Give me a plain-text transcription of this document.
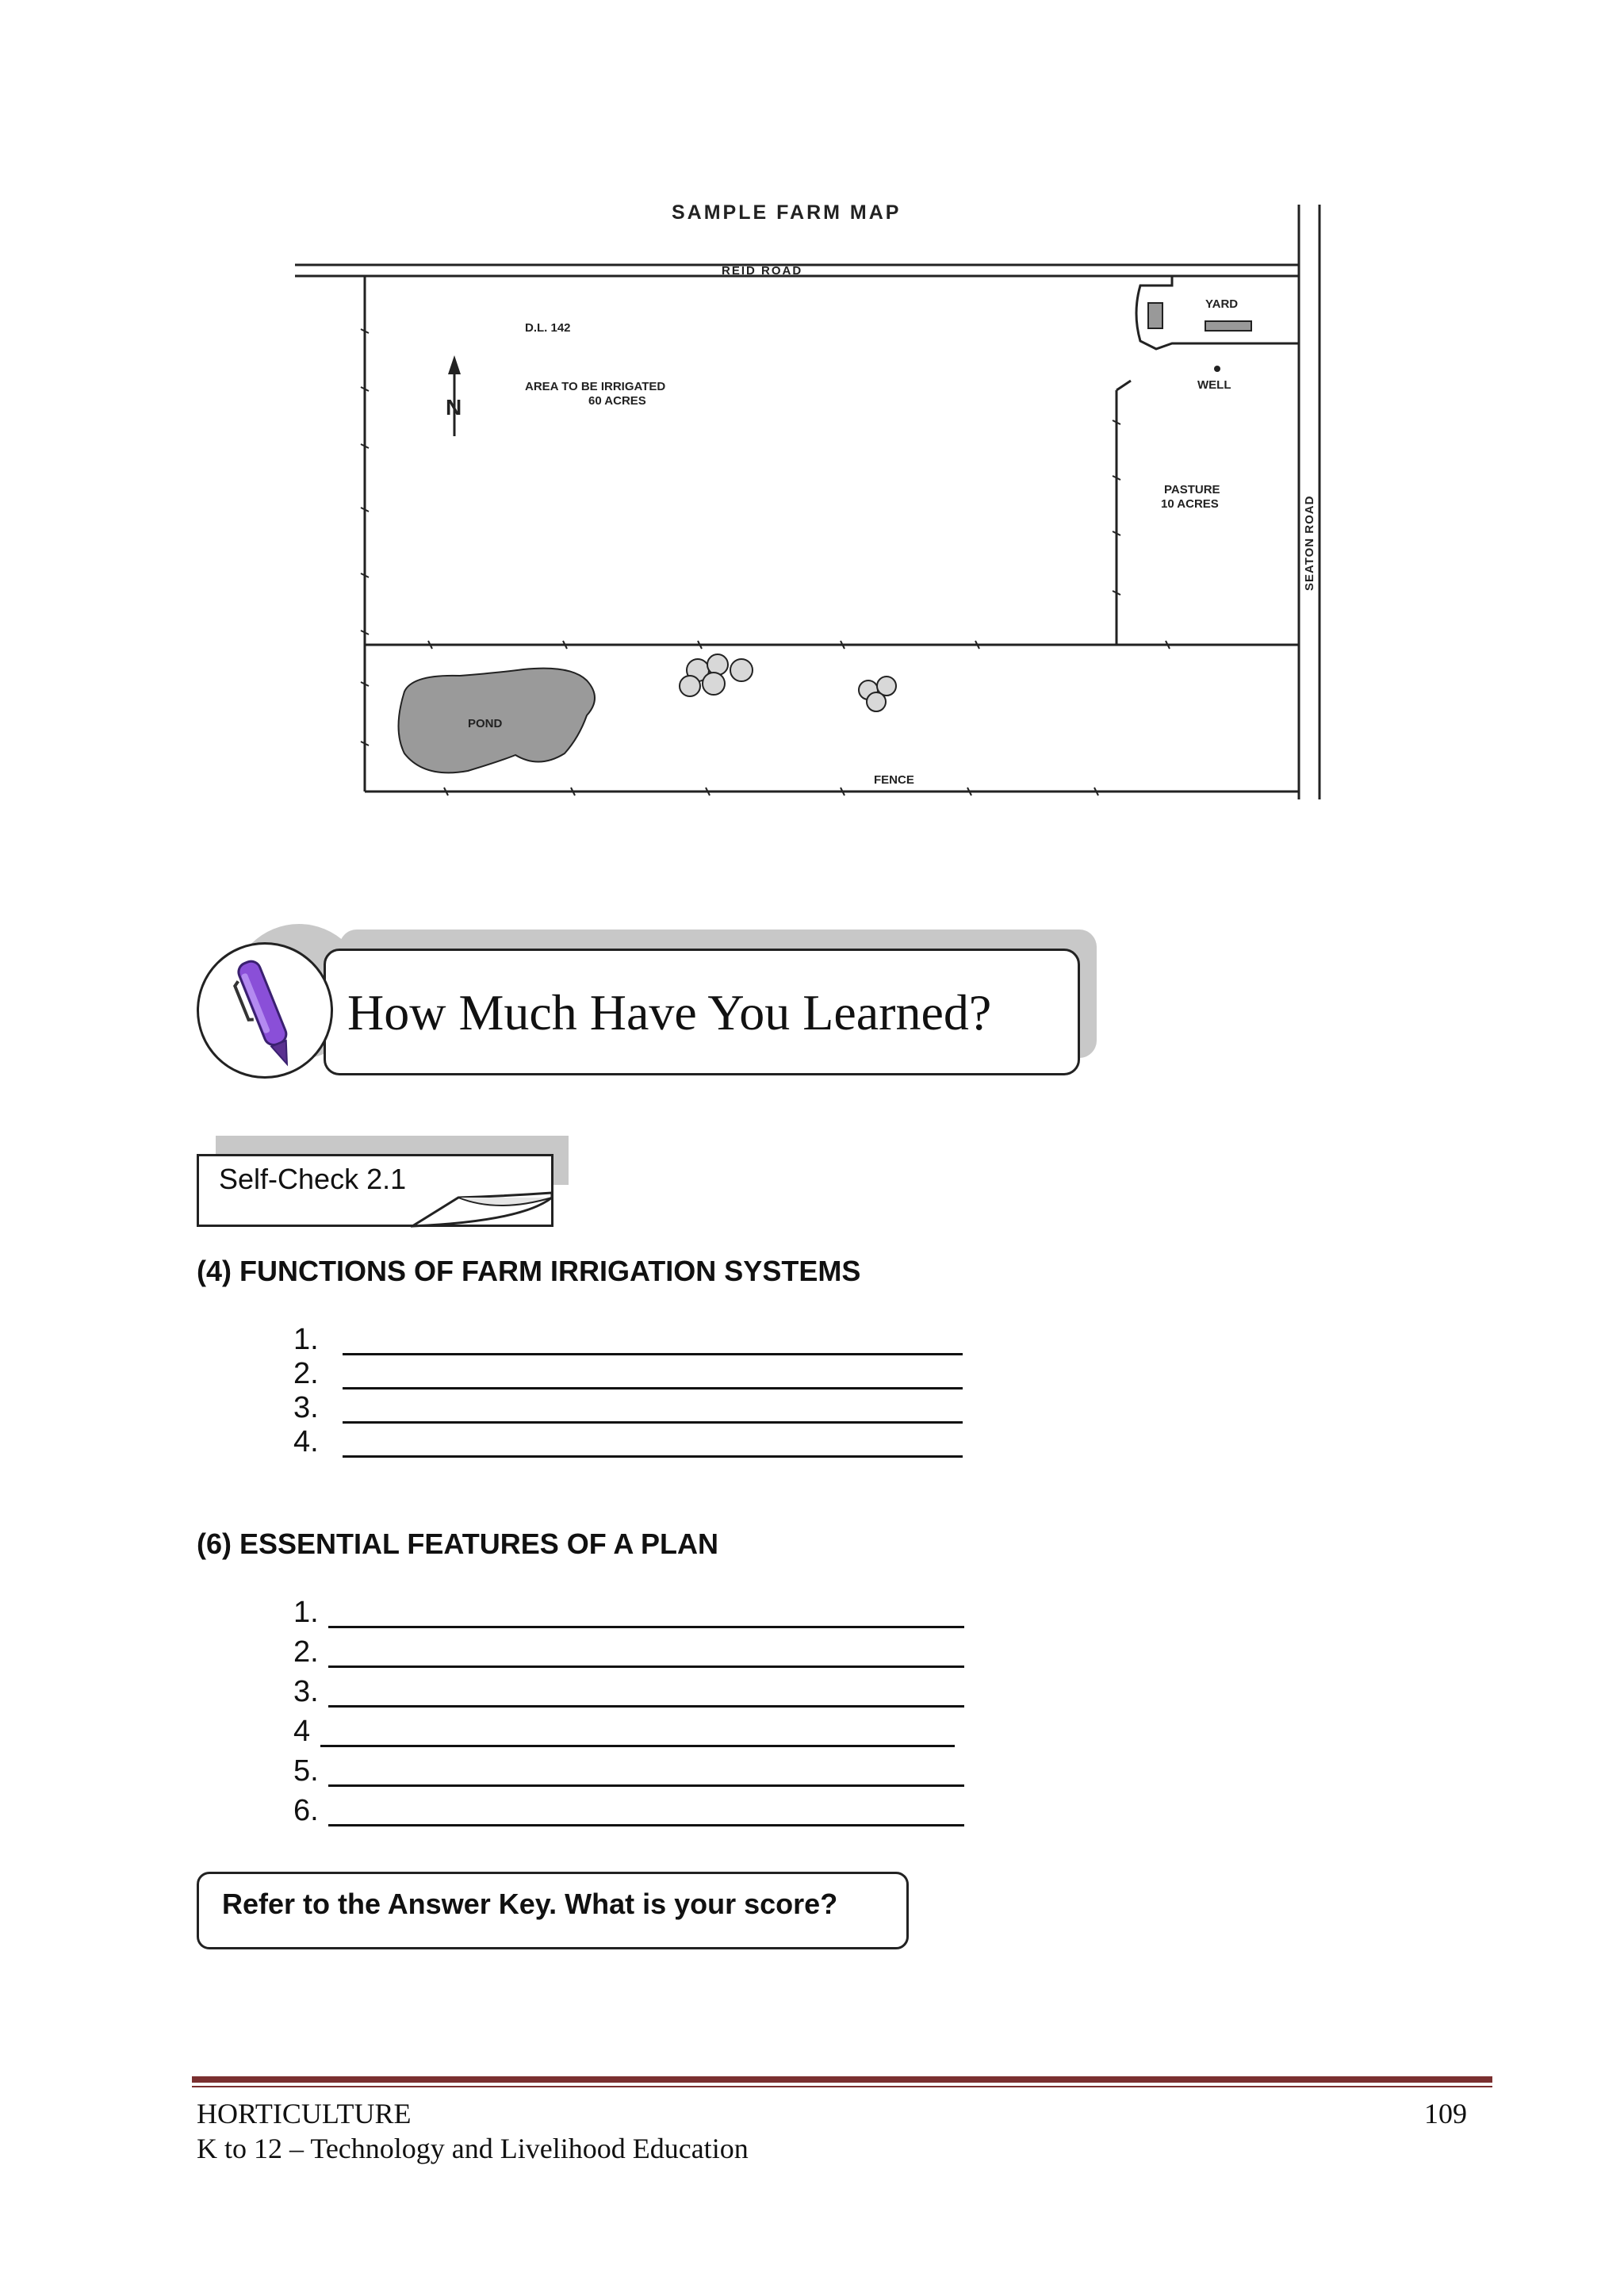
SAMPLE FARM MAP
REID ROAD
SEATON ROAD
YARD
WELL
PASTURE
10 ACRES
D.L. 142
AREA TO BE IRRIGATED
60 ACRES
N
POND
FENCE
How Much Have You Learned?
Self-Check 2.1
(4) FUNCTIONS OF FARM IRRIGATION SYSTEMS
1.
2.
3.
4.
(6) ESSENTIAL FEATURES OF A PLAN
1.
2.
3.
4
5.
6.
Refer to the Answer Key. What is your score?
HORTICULTURE
K to 12 – Technology and Livelihood Education
109
